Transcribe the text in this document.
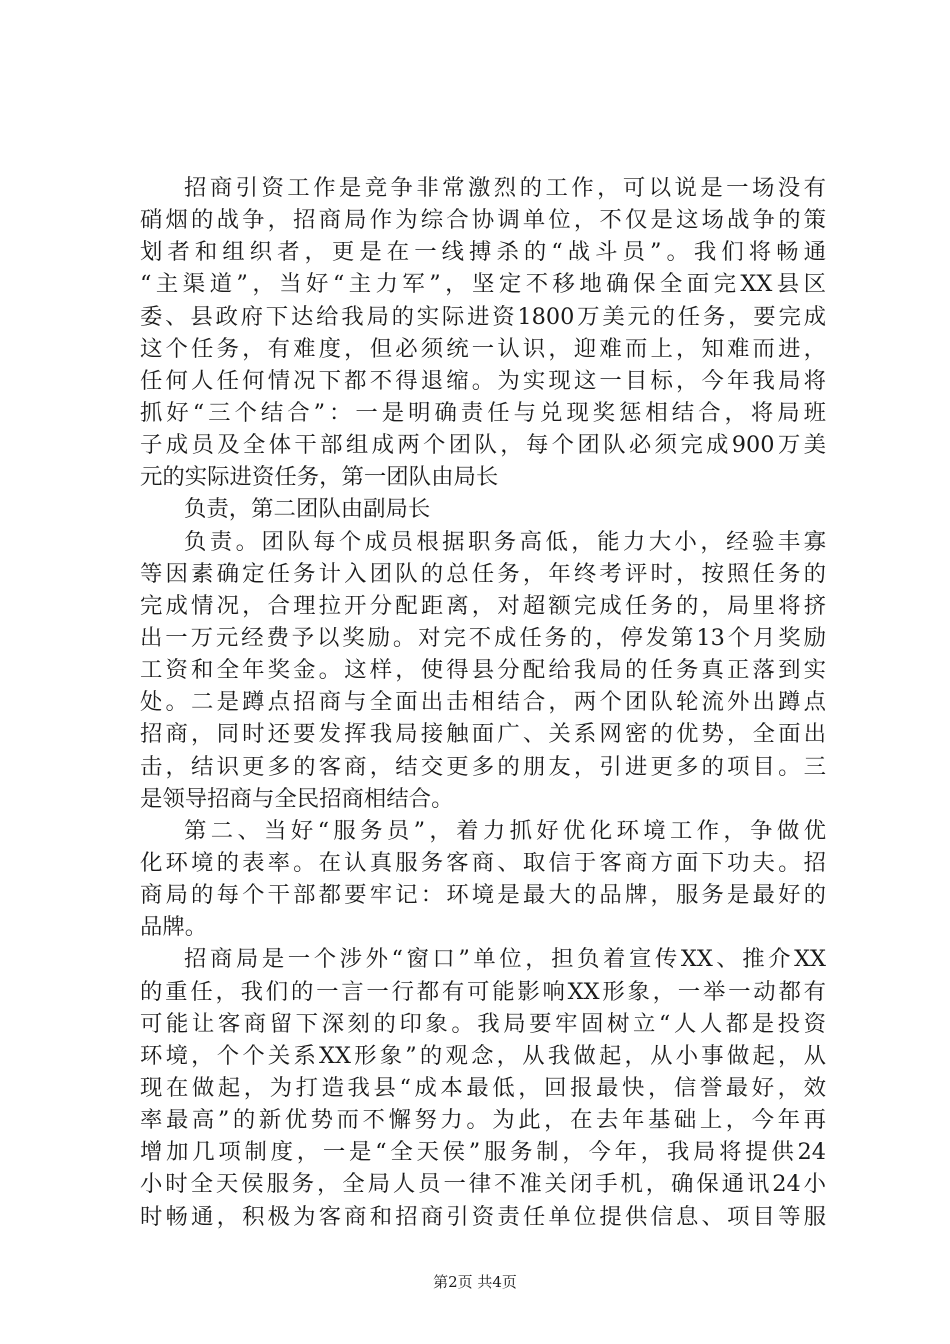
招商引资工作是竞争非常激烈的工作，可以说是一场没有
硝烟的战争，招商局作为综合协调单位，不仅是这场战争的策
划者和组织者，更是在一线搏杀的“战斗员”。我们将畅通
“主渠道”，当好“主力军”，坚定不移地确保全面完XX县区
委、县政府下达给我局的实际进资1800万美元的任务，要完成
这个任务，有难度，但必须统一认识，迎难而上，知难而进，
任何人任何情况下都不得退缩。为实现这一目标，今年我局将
抓好“三个结合”：一是明确责任与兑现奖惩相结合，将局班
子成员及全体干部组成两个团队，每个团队必须完成900万美
元的实际进资任务，第一团队由局长
负责，第二团队由副局长
负责。团队每个成员根据职务高低，能力大小，经验丰寡
等因素确定任务计入团队的总任务，年终考评时，按照任务的
完成情况，合理拉开分配距离，对超额完成任务的，局里将挤
出一万元经费予以奖励。对完不成任务的，停发第13个月奖励
工资和全年奖金。这样，使得县分配给我局的任务真正落到实
处。二是蹲点招商与全面出击相结合，两个团队轮流外出蹲点
招商，同时还要发挥我局接触面广、关系网密的优势，全面出
击，结识更多的客商，结交更多的朋友，引进更多的项目。三
是领导招商与全民招商相结合。
第二、当好“服务员”，着力抓好优化环境工作，争做优
化环境的表率。在认真服务客商、取信于客商方面下功夫。招
商局的每个干部都要牢记：环境是最大的品牌，服务是最好的
品牌。
招商局是一个涉外“窗口”单位，担负着宣传XX、推介XX
的重任，我们的一言一行都有可能影响XX形象，一举一动都有
可能让客商留下深刻的印象。我局要牢固树立“人人都是投资
环境，个个关系XX形象”的观念，从我做起，从小事做起，从
现在做起，为打造我县“成本最低，回报最快，信誉最好，效
率最高”的新优势而不懈努力。为此，在去年基础上，今年再
增加几项制度，一是“全天侯”服务制，今年，我局将提供24
小时全天侯服务，全局人员一律不准关闭手机，确保通讯24小
时畅通，积极为客商和招商引资责任单位提供信息、项目等服
第2页 共4页
